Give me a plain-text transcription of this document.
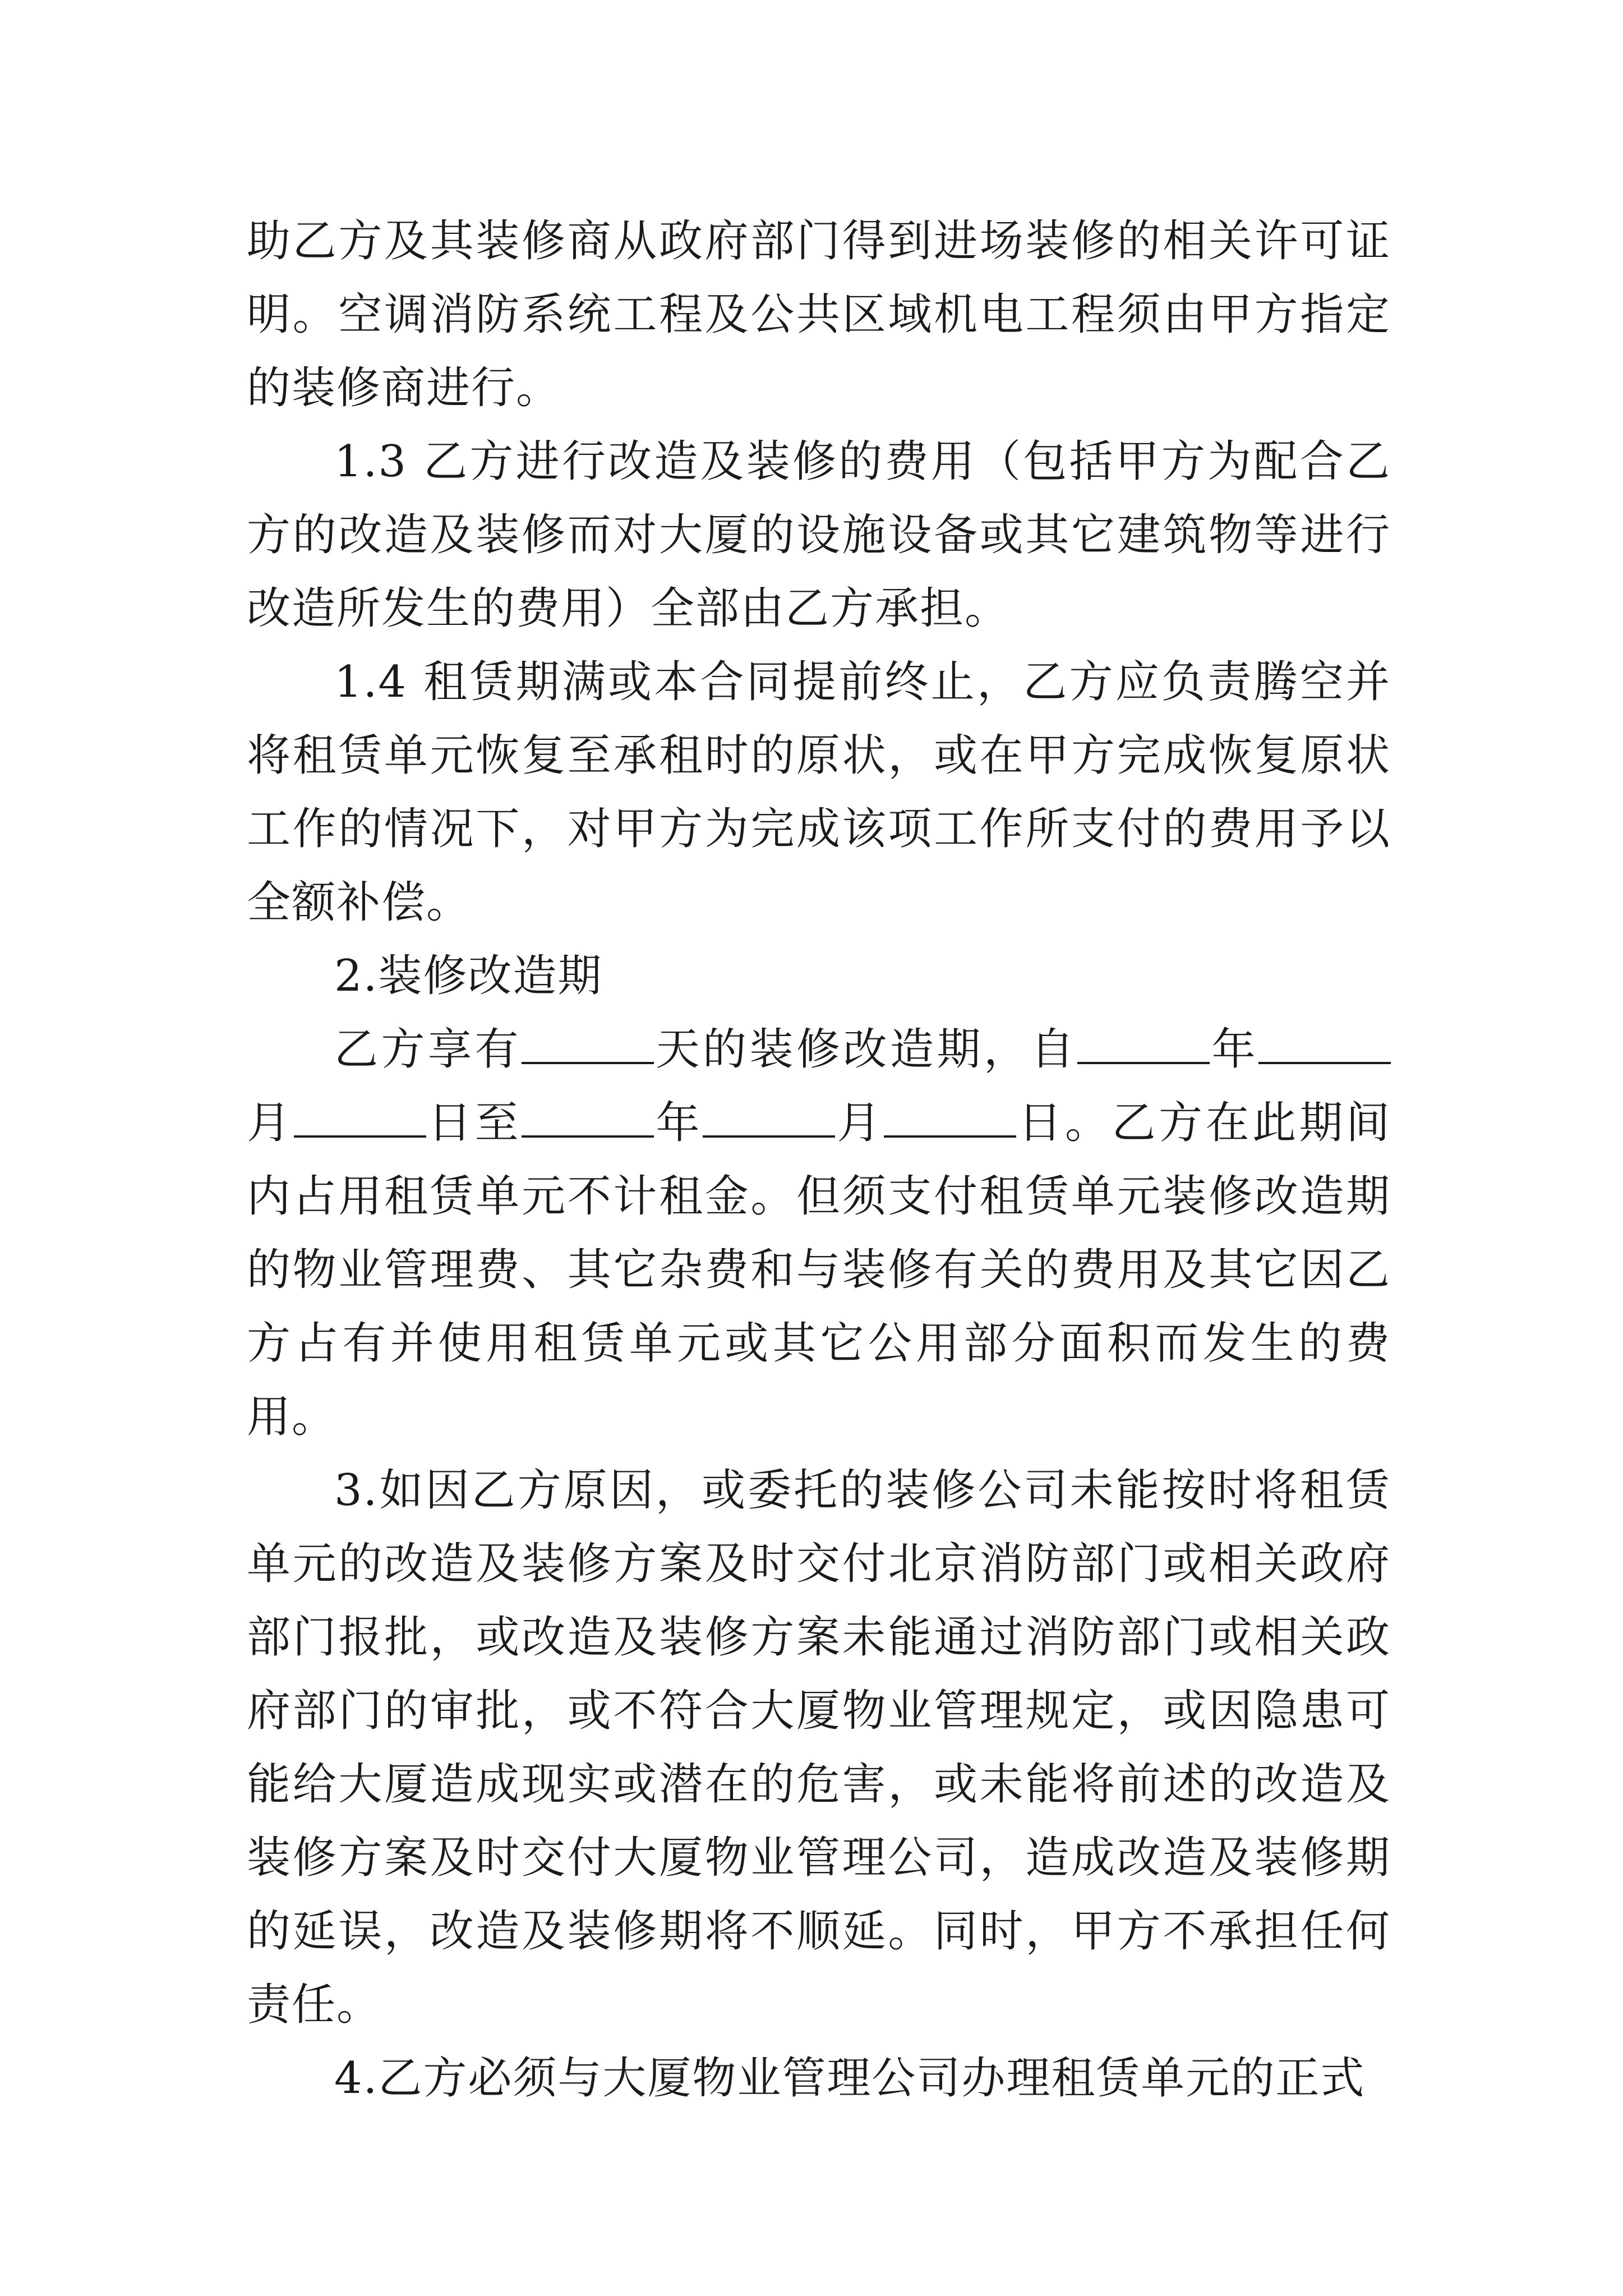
助乙方及其装修商从政府部门得到进场装修的相关许可证明。空调消防系统工程及公共区域机电工程须由甲方指定的装修商进行。

1.3 乙方进行改造及装修的费用（包括甲方为配合乙方的改造及装修而对大厦的设施设备或其它建筑物等进行改造所发生的费用）全部由乙方承担。

1.4 租赁期满或本合同提前终止，乙方应负责腾空并将租赁单元恢复至承租时的原状，或在甲方完成恢复原状工作的情况下，对甲方为完成该项工作所支付的费用予以全额补偿。

2.装修改造期

乙方享有	天的装修改造期，自	年月	日至	年	月	日。乙方在此期间内占用租赁单元不计租金。但须支付租赁单元装修改造期的物业管理费、其它杂费和与装修有关的费用及其它因乙方占有并使用租赁单元或其它公用部分面积而发生的费用。

3.如因乙方原因，或委托的装修公司未能按时将租赁单元的改造及装修方案及时交付北京消防部门或相关政府部门报批，或改造及装修方案未能通过消防部门或相关政府部门的审批，或不符合大厦物业管理规定，或因隐患可能给大厦造成现实或潜在的危害，或未能将前述的改造及装修方案及时交付大厦物业管理公司，造成改造及装修期的延误，改造及装修期将不顺延。同时，甲方不承担任何责任。

4.乙方必须与大厦物业管理公司办理租赁单元的正式
